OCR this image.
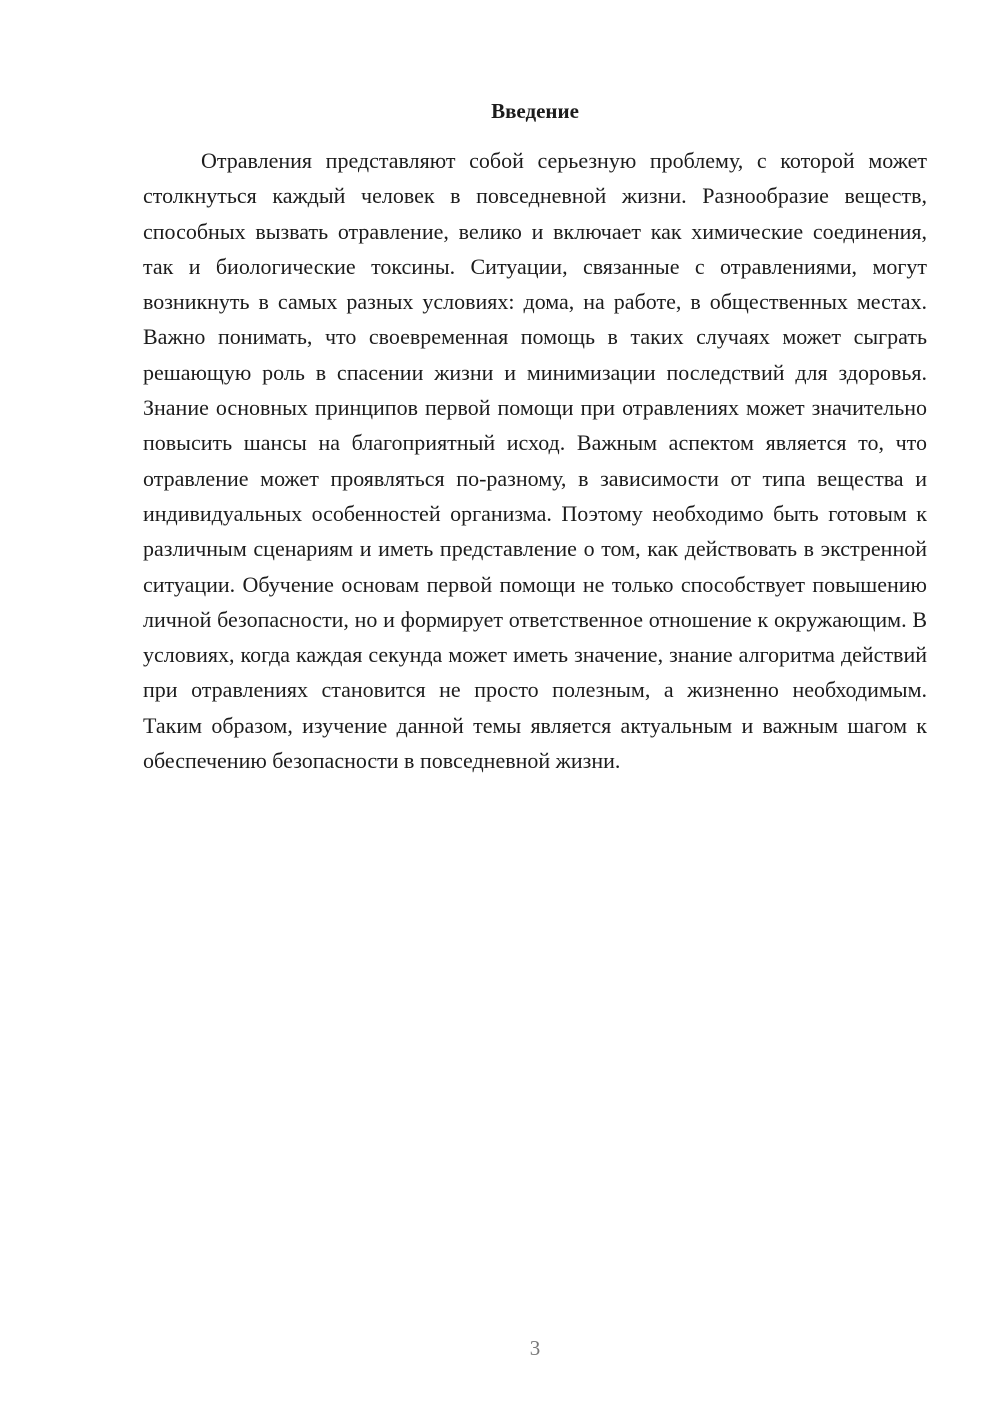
Введение

Отравления представляют собой серьезную проблему, с которой может столкнуться каждый человек в повседневной жизни. Разнообразие веществ, способных вызвать отравление, велико и включает как химические соединения, так и биологические токсины. Ситуации, связанные с отравлениями, могут возникнуть в самых разных условиях: дома, на работе, в общественных местах. Важно понимать, что своевременная помощь в таких случаях может сыграть решающую роль в спасении жизни и минимизации последствий для здоровья. Знание основных принципов первой помощи при отравлениях может значительно повысить шансы на благоприятный исход. Важным аспектом является то, что отравление может проявляться по-разному, в зависимости от типа вещества и индивидуальных особенностей организма. Поэтому необходимо быть готовым к различным сценариям и иметь представление о том, как действовать в экстренной ситуации. Обучение основам первой помощи не только способствует повышению личной безопасности, но и формирует ответственное отношение к окружающим. В условиях, когда каждая секунда может иметь значение, знание алгоритма действий при отравлениях становится не просто полезным, а жизненно необходимым. Таким образом, изучение данной темы является актуальным и важным шагом к обеспечению безопасности в повседневной жизни.

3
